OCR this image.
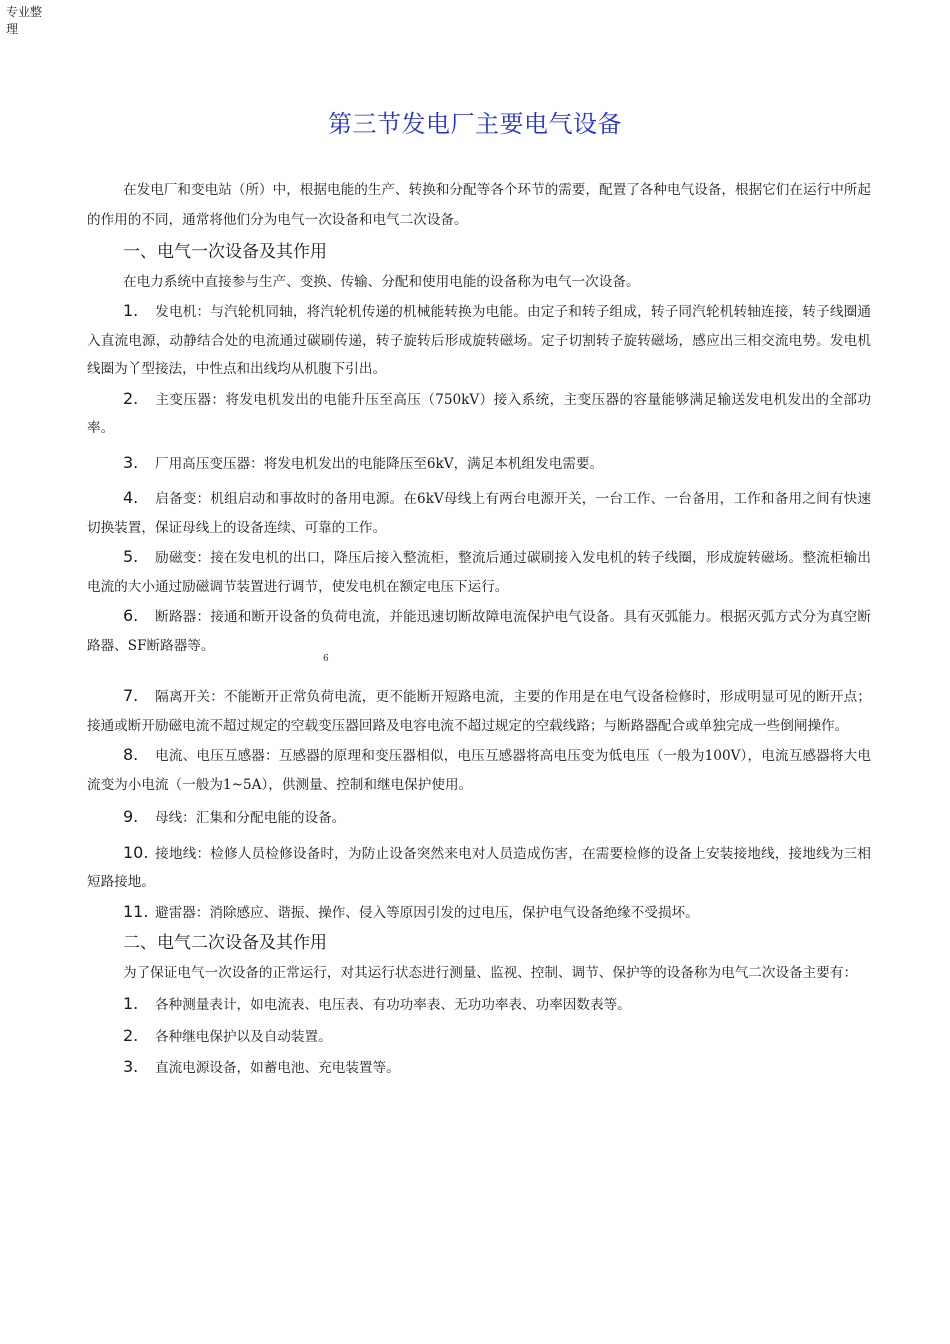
专业整理
第三节发电厂主要电气设备

在发电厂和变电站（所）中，根据电能的生产、转换和分配等各个环节的需要，配置了各种电气设备，根据它们在运行中所起的作用的不同，通常将他们分为电气一次设备和电气二次设备。

一、电气一次设备及其作用

在电力系统中直接参与生产、变换、传输、分配和使用电能的设备称为电气一次设备。

1. 发电机：与汽轮机同轴，将汽轮机传递的机械能转换为电能。由定子和转子组成，转子同汽轮机转轴连接，转子线圈通入直流电源，动静结合处的电流通过碳刷传递，转子旋转后形成旋转磁场。定子切割转子旋转磁场，感应出三相交流电势。发电机线圈为丫型接法，中性点和出线均从机腹下引出。

2. 主变压器：将发电机发出的电能升压至高压（750kV）接入系统，主变压器的容量能够满足输送发电机发出的全部功率。

3. 厂用高压变压器：将发电机发出的电能降压至6kV，满足本机组发电需要。

4. 启备变：机组启动和事故时的备用电源。在6kV母线上有两台电源开关，一台工作、一台备用，工作和备用之间有快速切换装置，保证母线上的设备连续、可靠的工作。

5. 励磁变：接在发电机的出口，降压后接入整流柜，整流后通过碳刷接入发电机的转子线圈，形成旋转磁场。整流柜输出电流的大小通过励磁调节装置进行调节，使发电机在额定电压下运行。

6. 断路器：接通和断开设备的负荷电流，并能迅速切断故障电流保护电气设备。具有灭弧能力。根据灭弧方式分为真空断路器、SF断路器等。

7. 隔离开关：不能断开正常负荷电流，更不能断开短路电流，主要的作用是在电气设备检修时，形成明显可见的断开点；接通或断开励磁电流不超过规定的空载变压器回路及电容电流不超过规定的空载线路；与断路器配合或单独完成一些倒闸操作。

8. 电流、电压互感器：互感器的原理和变压器相似，电压互感器将高电压变为低电压（一般为100V），电流互感器将大电流变为小电流（一般为1~5A），供测量、控制和继电保护使用。

9. 母线：汇集和分配电能的设备。

10. 接地线：检修人员检修设备时，为防止设备突然来电对人员造成伤害，在需要检修的设备上安装接地线，接地线为三相短路接地。

11. 避雷器：消除感应、谐振、操作、侵入等原因引发的过电压，保护电气设备绝缘不受损坏。

二、电气二次设备及其作用

为了保证电气一次设备的正常运行，对其运行状态进行测量、监视、控制、调节、保护等的设备称为电气二次设备主要有：

1. 各种测量表计，如电流表、电压表、有功功率表、无功功率表、功率因数表等。

2. 各种继电保护以及自动装置。

3. 直流电源设备，如蓄电池、充电装置等。

6
